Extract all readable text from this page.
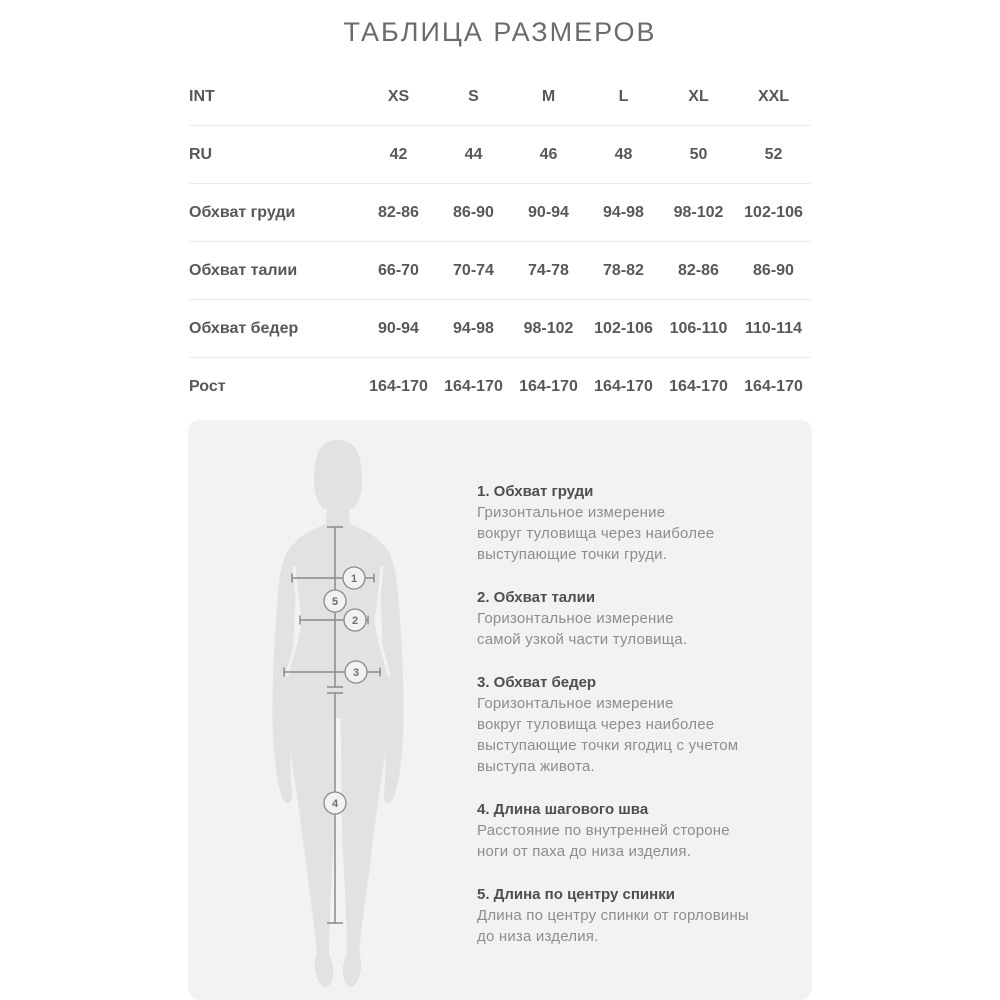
ТАБЛИЦА РАЗМЕРОВ
INT	XS	S	M	L	XL	XXL
RU	42	44	46	48	50	52
Обхват груди	82-86	86-90	90-94	94-98	98-102	102-106
Обхват талии	66-70	70-74	74-78	78-82	82-86	86-90
Обхват бедер	90-94	94-98	98-102	102-106	106-110	110-114
Рост	164-170	164-170	164-170	164-170	164-170	164-170
1
5
2
3
4
1. Обхват груди
Гризонтальное измерение
вокруг туловища через наиболее
выступающие точки груди.
2. Обхват талии
Горизонтальное измерение
самой узкой части туловища.
3. Обхват бедер
Горизонтальное измерение
вокруг туловища через наиболее
выступающие точки ягодиц с учетом
выступа живота.
4. Длина шагового шва
Расстояние по внутренней стороне
ноги от паха до низа изделия.
5. Длина по центру спинки
Длина по центру спинки от горловины
до низа изделия.
